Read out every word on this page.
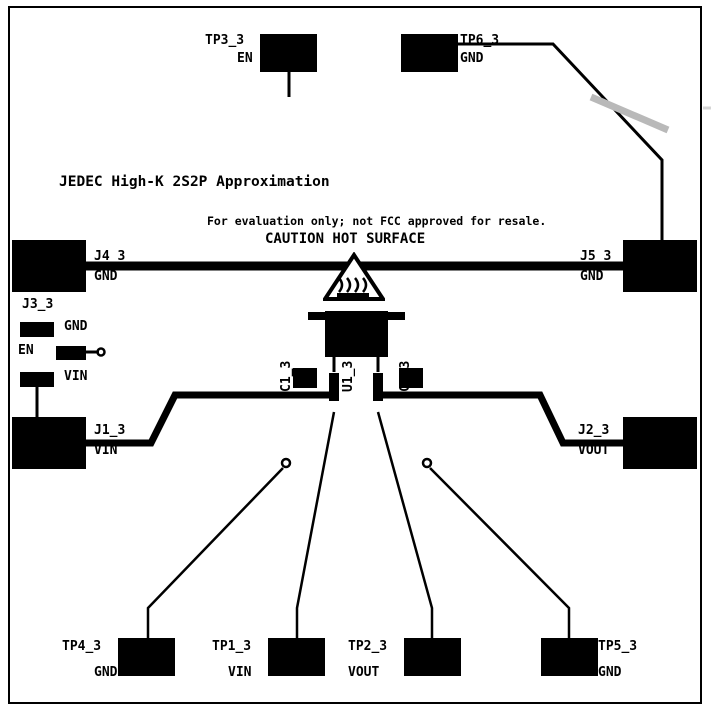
JEDEC High-K 2S2P Approximation
For evaluation only; not FCC approved for resale.
CAUTION HOT SURFACE
TP3_3
EN
TP6_3
GND
TP4_3
GND
TP1_3
VIN
TP2_3
VOUT
TP5_3
GND
J4_3
GND
J5_3
GND
J1_3
VIN
J2_3
VOUT
J3_3
GND
EN
VIN	C1_3	U1_3	C2_3
